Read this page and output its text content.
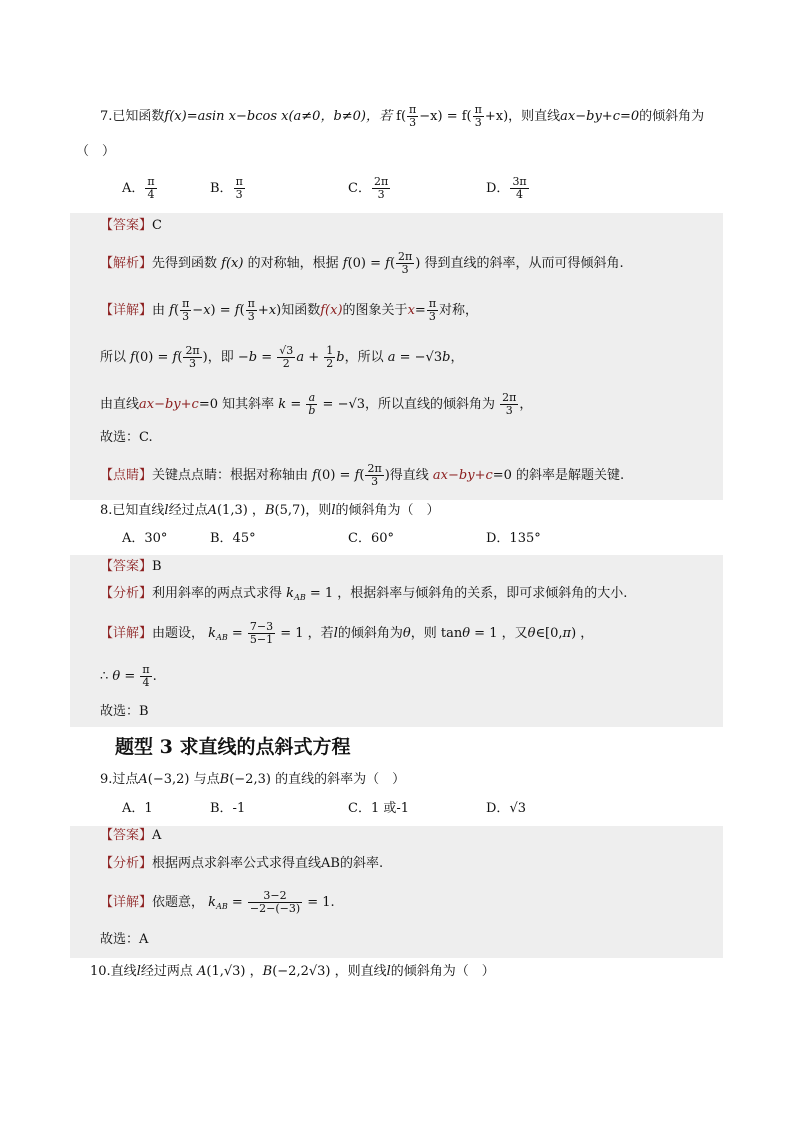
7.已知函数f(x)=asin x−bcos x(a≠0，b≠0)，若 $f( \frac{\pi}{3} -x) = f( \frac{\pi}{3} +x)$，则直线ax−by+c=0的倾斜角为
（　）
A． $\frac{\pi}{4}$	B． $\frac{\pi}{3}$	C． $\frac{2\pi}{3}$	D． $\frac{3\pi}{4}$
【答案】C
【解析】先得到函数 f(x) 的对称轴，根据 $f(0) = f( \frac{2\pi}{3}$ ) 得到直线的斜率，从而可得倾斜角.
【详解】由 $f( \frac{\pi}{3} -x) = f( \frac{\pi}{3} +x)$知函数f(x)的图象关于$x= \frac{\pi}{3}$ 对称，
所以 $f(0) = f( \frac{2\pi}{3}$ )，即 $-b = \frac{√3}{2}$ $a + \frac{1}{2}$ b，所以 a = −√3b，
由直线ax−by+c=0 知其斜率 $k = \frac{a}{b} = -√3$，所以直线的倾斜角为 $\frac{2\pi}{3}$ ，
故选：C.
【点睛】关键点点睛：根据对称轴由 $f(0) = f( \frac{2\pi}{3}$ )得直线 ax−by+c=0 的斜率是解题关键.
8.已知直线l经过点A(1,3) ，B(5,7)，则l的倾斜角为（　）
A．30°	B．45°	C．60°	D．135°
【答案】B
【分析】利用斜率的两点式求得 $k_{AB} = 1$ ，根据斜率与倾斜角的关系，即可求倾斜角的大小.
【详解】由题设， $k_{AB} = \frac{7-3}{5-1} = 1$ ，若l的倾斜角为θ，则 tanθ = 1 ，又θ∈[0,π) ，
∴ $\theta = \frac{\pi}{4}$ .
故选：B
题型 3 求直线的点斜式方程
9.过点A(−3,2) 与点B(−2,3) 的直线的斜率为（　）
A．1	B．-1	C．1 或-1	D．√3
【答案】A
【分析】根据两点求斜率公式求得直线AB的斜率.
【详解】依题意， $k_{AB} = \frac{3-2}{-2-(-3)} = 1$.
故选：A
10.直线l经过两点 A(1,√3) ，B(−2,2√3) ，则直线l的倾斜角为（　）
